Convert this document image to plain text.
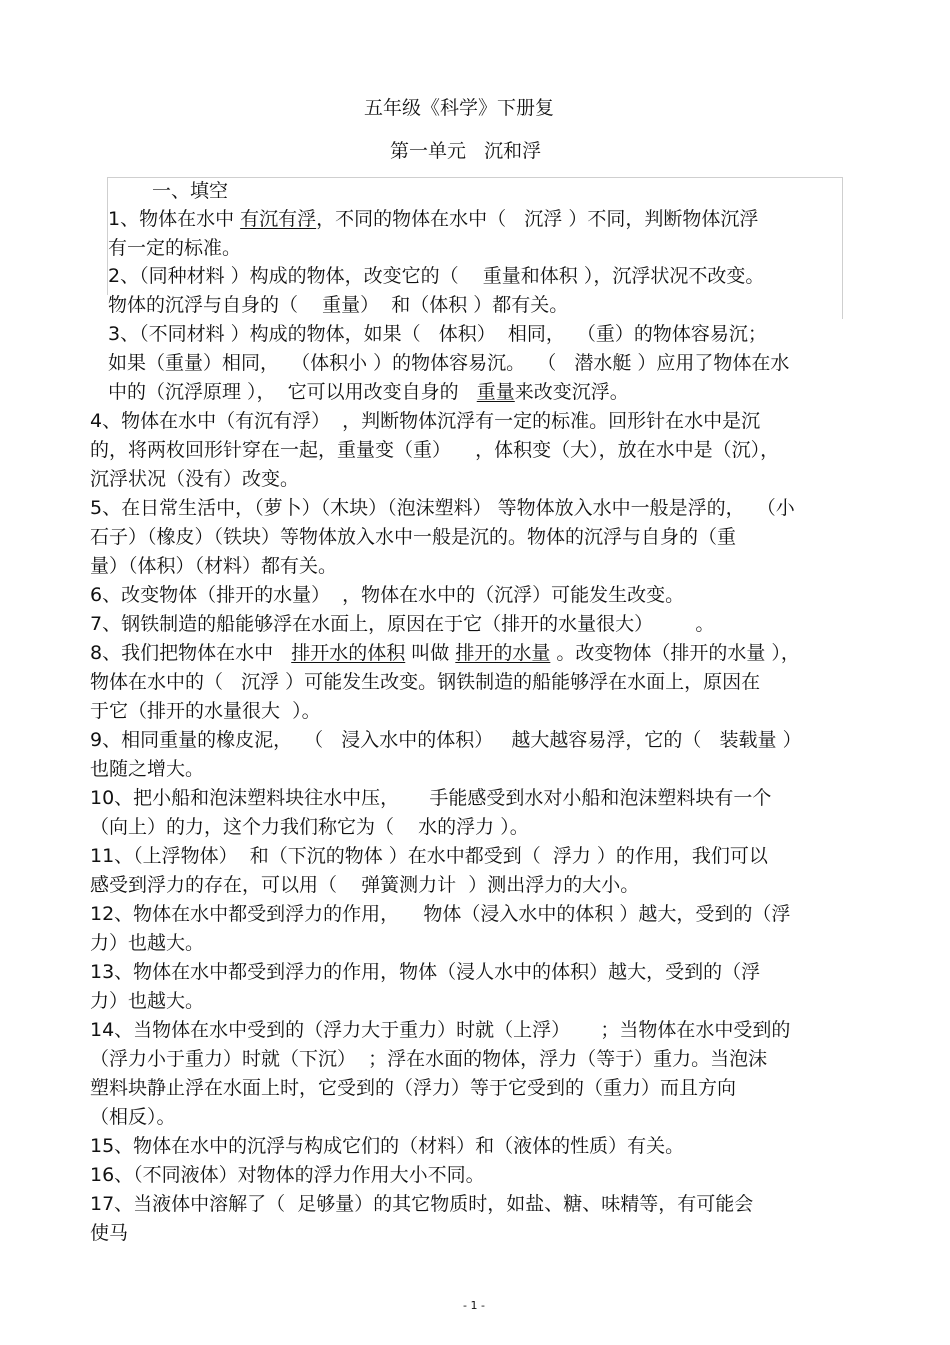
五年级《科学》下册复
第一单元   沉和浮
一、填空
1、物体在水中 有沉有浮，不同的物体在水中（   沉浮 ）不同，判断物体沉浮
有一定的标准。
2、（同种材料 ）构成的物体，改变它的（    重量和体积 ），沉浮状况不改变。
物体的沉浮与自身的（    重量）  和（体积 ）都有关。
3、（不同材料 ）构成的物体，如果（   体积）  相同，  （重）的物体容易沉；
如果（重量）相同，  （体积小 ）的物体容易沉。  （   潜水艇 ）应用了物体在水
中的（沉浮原理 ），  它可以用改变自身的   重量来改变沉浮。
4、物体在水中（有沉有浮）  ，判断物体沉浮有一定的标准。回形针在水中是沉
的，将两枚回形针穿在一起，重量变（重）    ，体积变（大），放在水中是（沉），
沉浮状况（没有）改变。
5、在日常生活中，（萝卜）（木块）（泡沫塑料） 等物体放入水中一般是浮的，  （小
石子）（橡皮）（铁块）等物体放入水中一般是沉的。物体的沉浮与自身的（重
量）（体积）（材料）都有关。
6、改变物体（排开的水量）  ，物体在水中的（沉浮）可能发生改变。
7、钢铁制造的船能够浮在水面上，原因在于它（排开的水量很大）       。
8、我们把物体在水中   排开水的体积 叫做 排开的水量 。改变物体（排开的水量 ），
物体在水中的（   沉浮 ）可能发生改变。钢铁制造的船能够浮在水面上，原因在
于它（排开的水量很大  ）。
9、相同重量的橡皮泥，  （   浸入水中的体积）   越大越容易浮，它的（   装载量 ）
也随之增大。
10、把小船和泡沫塑料块往水中压，     手能感受到水对小船和泡沫塑料块有一个
（向上）的力，这个力我们称它为（    水的浮力 ）。
11、（上浮物体）  和（下沉的物体 ）在水中都受到（  浮力 ）的作用，我们可以
感受到浮力的存在，可以用（    弹簧测力计  ）测出浮力的大小。
12、物体在水中都受到浮力的作用，    物体（浸入水中的体积 ）越大，受到的（浮
力）也越大。
13、物体在水中都受到浮力的作用，物体（浸人水中的体积）越大，受到的（浮
力）也越大。
14、当物体在水中受到的（浮力大于重力）时就（上浮）     ；当物体在水中受到的
（浮力小于重力）时就（下沉）  ；浮在水面的物体，浮力（等于）重力。当泡沫
塑料块静止浮在水面上时，它受到的（浮力）等于它受到的（重力）而且方向
（相反）。
15、物体在水中的沉浮与构成它们的（材料）和（液体的性质）有关。
16、（不同液体）对物体的浮力作用大小不同。
17、当液体中溶解了（  足够量）的其它物质时，如盐、糖、味精等，有可能会
使马
- 1 -
